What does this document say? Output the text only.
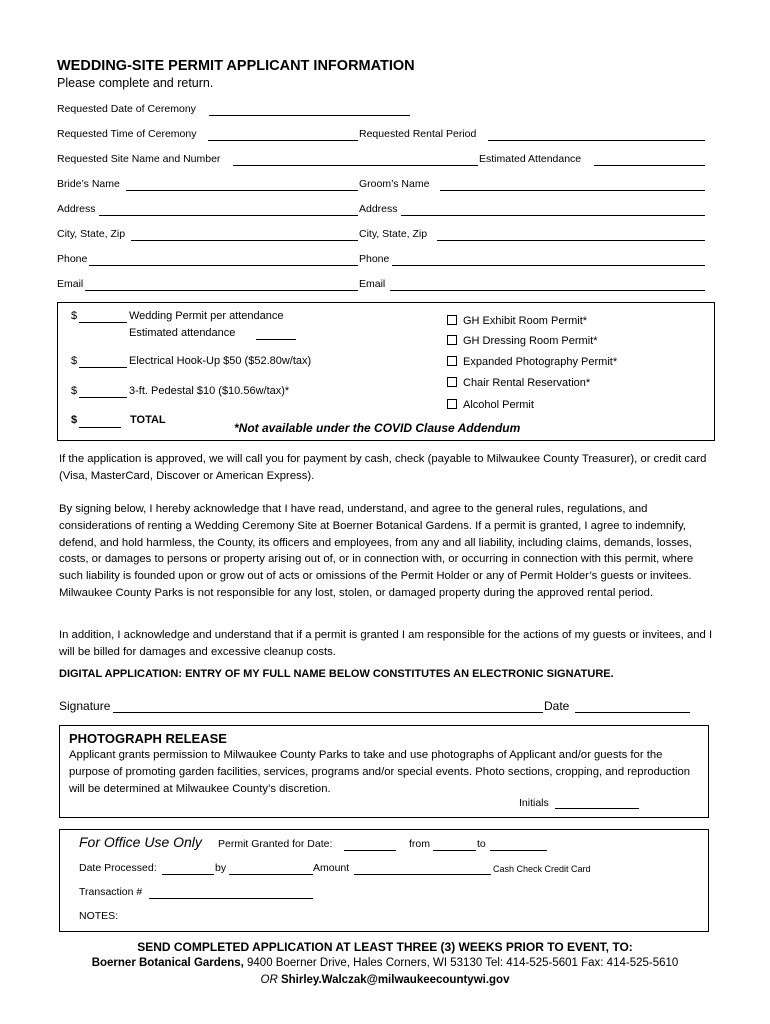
WEDDING-SITE PERMIT APPLICANT INFORMATION
Please complete and return.
Requested Date of Ceremony
Requested Time of Ceremony	Requested Rental Period
Requested Site Name and Number	Estimated Attendance
Bride’s Name	Groom’s Name
Address	Address
City, State, Zip	City, State, Zip
Phone	Phone
Email	Email
$	Wedding Permit per attendance
Estimated attendance
$	Electrical Hook-Up $50 ($52.80w/tax)
$	3-ft. Pedestal $10 ($10.56w/tax)*
$	TOTAL
GH Exhibit Room Permit*
GH Dressing Room Permit*
Expanded Photography Permit*
Chair Rental Reservation*
Alcohol Permit
*Not available under the COVID Clause Addendum
If the application is approved, we will call you for payment by cash, check (payable to Milwaukee County Treasurer), or credit card (Visa, MasterCard, Discover or American Express).
By signing below, I hereby acknowledge that I have read, understand, and agree to the general rules, regulations, and considerations of renting a Wedding Ceremony Site at Boerner Botanical Gardens. If a permit is granted, I agree to indemnify, defend, and hold harmless, the County, its officers and employees, from any and all liability, including claims, demands, losses, costs, or damages to persons or property arising out of, or in connection with, or occurring in connection with this permit, where such liability is founded upon or grow out of acts or omissions of the Permit Holder or any of Permit Holder’s guests or invitees. Milwaukee County Parks is not responsible for any lost, stolen, or damaged property during the approved rental period.
In addition, I acknowledge and understand that if a permit is granted I am responsible for the actions of my guests or invitees, and I will be billed for damages and excessive cleanup costs.
DIGITAL APPLICATION: ENTRY OF MY FULL NAME BELOW CONSTITUTES AN ELECTRONIC SIGNATURE.
Signature	Date
PHOTOGRAPH RELEASE
Applicant grants permission to Milwaukee County Parks to take and use photographs of Applicant and/or guests for the purpose of promoting garden facilities, services, programs and/or special events. Photo sections, cropping, and reproduction will be determined at Milwaukee County’s discretion.
Initials
For Office Use Only Permit Granted for Date:	from	to
Date Processed:	by	Amount	Cash Check Credit Card
Transaction #
NOTES:
SEND COMPLETED APPLICATION AT LEAST THREE (3) WEEKS PRIOR TO EVENT, TO:
Boerner Botanical Gardens, 9400 Boerner Drive, Hales Corners, WI 53130 Tel: 414-525-5601 Fax: 414-525-5610
OR Shirley.Walczak@milwaukeecountywi.gov
